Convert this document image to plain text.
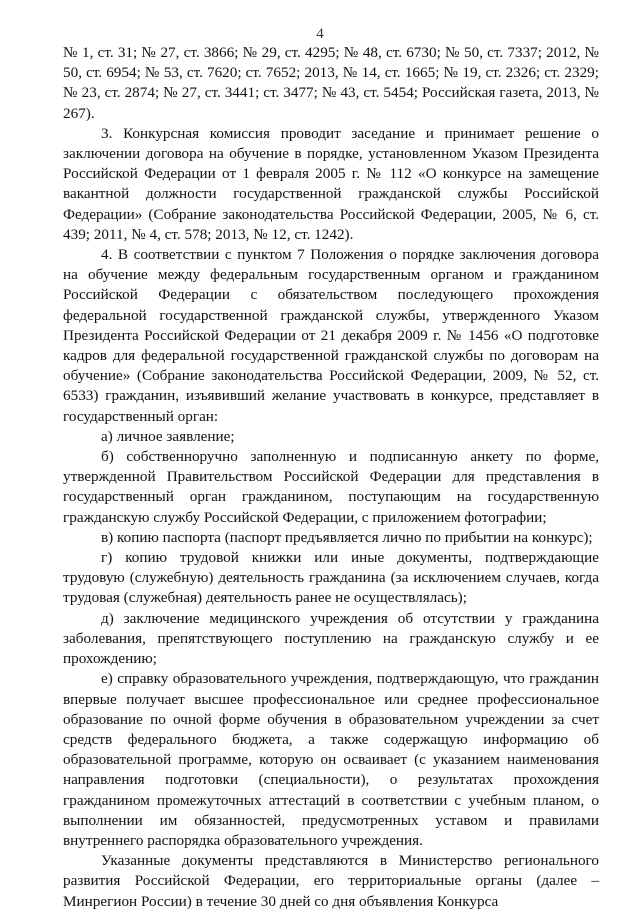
4

№ 1, ст. 31; № 27, ст. 3866; № 29, ст. 4295; № 48, ст. 6730; № 50, ст. 7337; 2012, № 50, ст. 6954; № 53, ст. 7620; ст. 7652; 2013, № 14, ст. 1665; № 19, ст. 2326; ст. 2329; № 23, ст. 2874; № 27, ст. 3441; ст. 3477; № 43, ст. 5454; Российская газета, 2013, № 267).

3. Конкурсная комиссия проводит заседание и принимает решение о заключении договора на обучение в порядке, установленном Указом Президента Российской Федерации от 1 февраля 2005 г. № 112 «О конкурсе на замещение вакантной должности государственной гражданской службы Российской Федерации» (Собрание законодательства Российской Федерации, 2005, № 6, ст. 439; 2011, № 4, ст. 578; 2013, № 12, ст. 1242).

4. В соответствии с пунктом 7 Положения о порядке заключения договора на обучение между федеральным государственным органом и гражданином Российской Федерации с обязательством последующего прохождения федеральной государственной гражданской службы, утвержденного Указом Президента Российской Федерации от 21 декабря 2009 г. № 1456 «О подготовке кадров для федеральной государственной гражданской службы по договорам на обучение» (Собрание законодательства Российской Федерации, 2009, № 52, ст. 6533) гражданин, изъявивший желание участвовать в конкурсе, представляет в государственный орган:

а) личное заявление;

б) собственноручно заполненную и подписанную анкету по форме, утвержденной Правительством Российской Федерации для представления в государственный орган гражданином, поступающим на государственную гражданскую службу Российской Федерации, с приложением фотографии;

в) копию паспорта (паспорт предъявляется лично по прибытии на конкурс);

г) копию трудовой книжки или иные документы, подтверждающие трудовую (служебную) деятельность гражданина (за исключением случаев, когда трудовая (служебная) деятельность ранее не осуществлялась);

д) заключение медицинского учреждения об отсутствии у гражданина заболевания, препятствующего поступлению на гражданскую службу и ее прохождению;

е) справку образовательного учреждения, подтверждающую, что гражданин впервые получает высшее профессиональное или среднее профессиональное образование по очной форме обучения в образовательном учреждении за счет средств федерального бюджета, а также содержащую информацию об образовательной программе, которую он осваивает (с указанием наименования направления подготовки (специальности), о результатах прохождения гражданином промежуточных аттестаций в соответствии с учебным планом, о выполнении им обязанностей, предусмотренных уставом и правилами внутреннего распорядка образовательного учреждения.

Указанные документы представляются в Министерство регионального развития Российской Федерации, его территориальные органы (далее – Минрегион России) в течение 30 дней со дня объявления Конкурса
